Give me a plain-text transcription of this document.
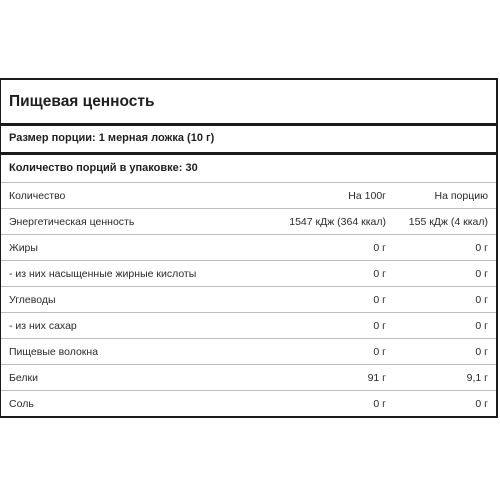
Пищевая ценность
Размер порции: 1 мерная ложка (10 г)
Количество порций в упаковке: 30
Количество	На 100г	На порцию
Энергетическая ценность	1547 кДж (364 ккал)	155 кДж (4 ккал)
Жиры	0 г	0 г
- из них насыщенные жирные кислоты	0 г	0 г
Углеводы	0 г	0 г
- из них сахар	0 г	0 г
Пищевые волокна	0 г	0 г
Белки	91 г	9,1 г
Соль	0 г	0 г
